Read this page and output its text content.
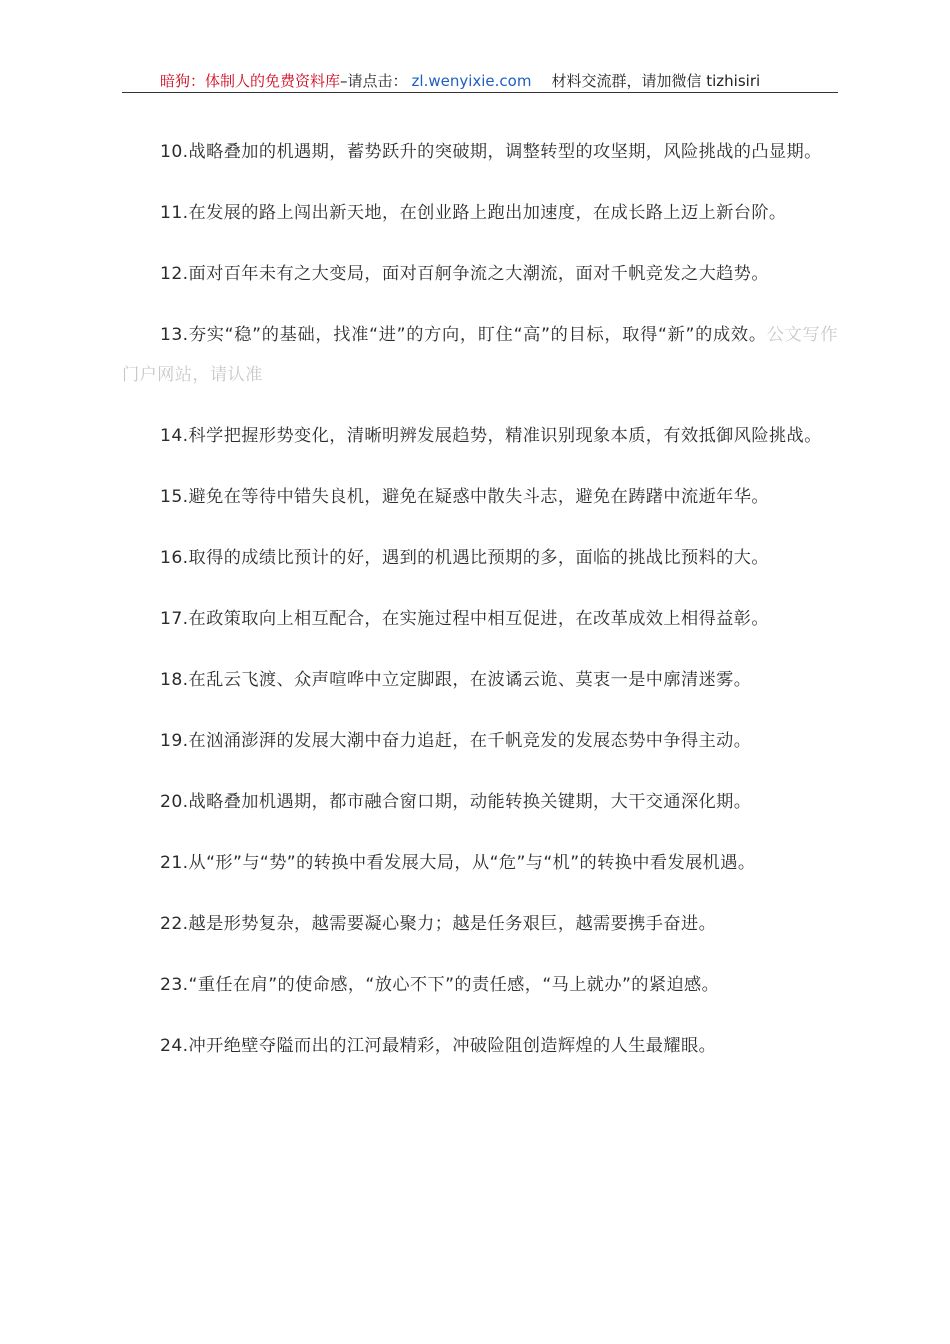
暗狗：体制人的免费资料库–请点击： zl.wenyixie.com 材料交流群，请加微信 tizhisiri

10.战略叠加的机遇期，蓄势跃升的突破期，调整转型的攻坚期，风险挑战的凸显期。

11.在发展的路上闯出新天地，在创业路上跑出加速度，在成长路上迈上新台阶。

12.面对百年未有之大变局，面对百舸争流之大潮流，面对千帆竞发之大趋势。

13.夯实“稳”的基础，找准“进”的方向，盯住“高”的目标，取得“新”的成效。公文写作门户网站，请认准

14.科学把握形势变化，清晰明辨发展趋势，精准识别现象本质，有效抵御风险挑战。

15.避免在等待中错失良机，避免在疑惑中散失斗志，避免在踌躇中流逝年华。

16.取得的成绩比预计的好，遇到的机遇比预期的多，面临的挑战比预料的大。

17.在政策取向上相互配合，在实施过程中相互促进，在改革成效上相得益彰。

18.在乱云飞渡、众声喧哗中立定脚跟，在波谲云诡、莫衷一是中廓清迷雾。

19.在汹涌澎湃的发展大潮中奋力追赶，在千帆竞发的发展态势中争得主动。

20.战略叠加机遇期，都市融合窗口期，动能转换关键期，大干交通深化期。

21.从“形”与“势”的转换中看发展大局，从“危”与“机”的转换中看发展机遇。

22.越是形势复杂，越需要凝心聚力；越是任务艰巨，越需要携手奋进。

23.“重任在肩”的使命感，“放心不下”的责任感，“马上就办”的紧迫感。

24.冲开绝壁夺隘而出的江河最精彩，冲破险阻创造辉煌的人生最耀眼。
